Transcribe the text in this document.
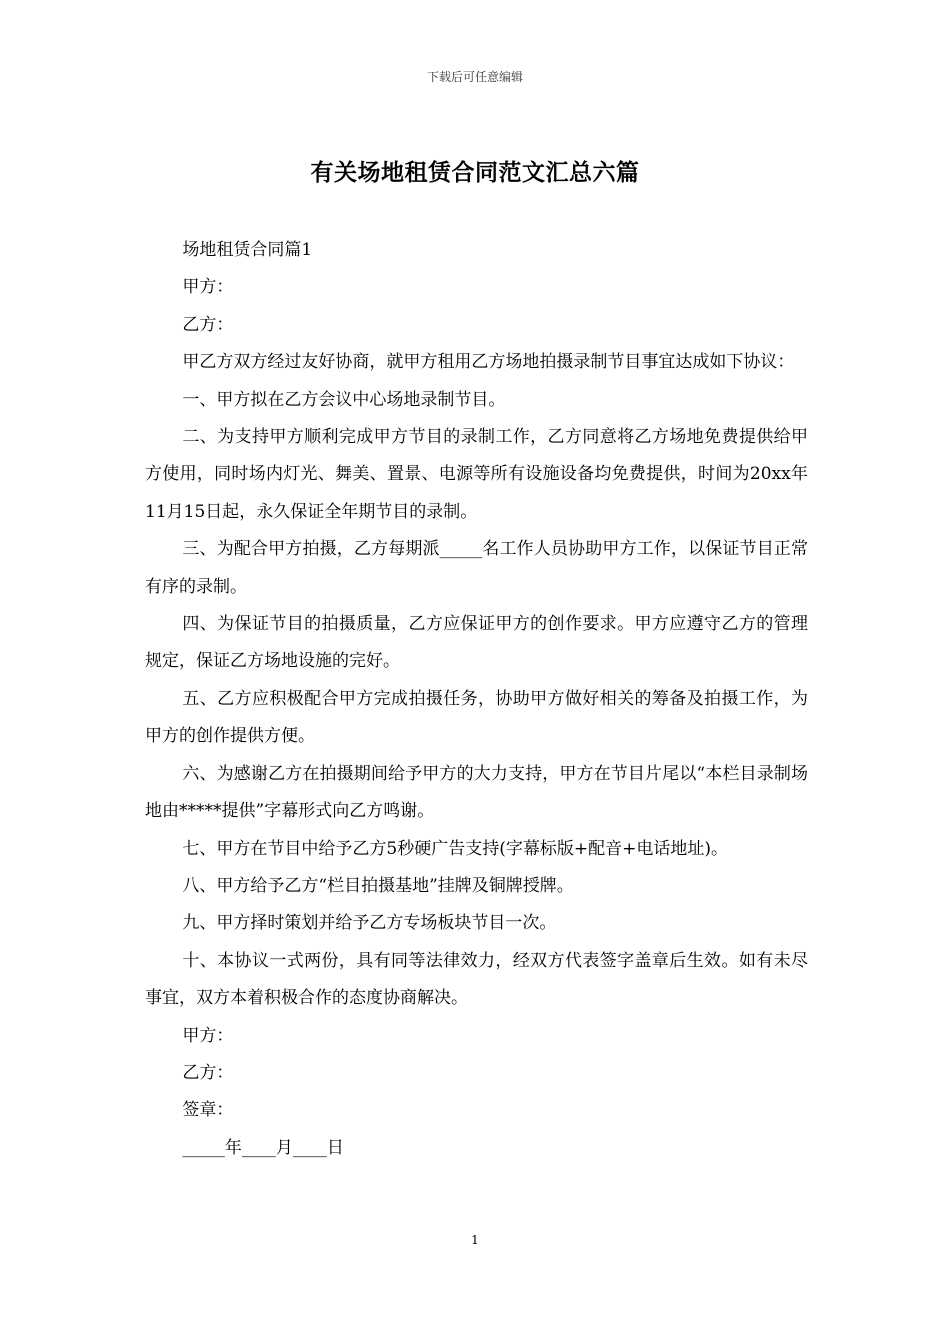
下载后可任意编辑
有关场地租赁合同范文汇总六篇

场地租赁合同篇1

甲方：

乙方：

甲乙方双方经过友好协商，就甲方租用乙方场地拍摄录制节目事宜达成如下协议：

一、甲方拟在乙方会议中心场地录制节目。

二、为支持甲方顺利完成甲方节目的录制工作，乙方同意将乙方场地免费提供给甲方使用，同时场内灯光、舞美、置景、电源等所有设施设备均免费提供，时间为20xx年11月15日起，永久保证全年期节目的录制。

三、为配合甲方拍摄，乙方每期派_____名工作人员协助甲方工作，以保证节目正常有序的录制。

四、为保证节目的拍摄质量，乙方应保证甲方的创作要求。甲方应遵守乙方的管理规定，保证乙方场地设施的完好。

五、乙方应积极配合甲方完成拍摄任务，协助甲方做好相关的筹备及拍摄工作，为甲方的创作提供方便。

六、为感谢乙方在拍摄期间给予甲方的大力支持，甲方在节目片尾以“本栏目录制场地由*****提供”字幕形式向乙方鸣谢。

七、甲方在节目中给予乙方5秒硬广告支持(字幕标版+配音+电话地址)。

八、甲方给予乙方“栏目拍摄基地”挂牌及铜牌授牌。

九、甲方择时策划并给予乙方专场板块节目一次。

十、本协议一式两份，具有同等法律效力，经双方代表签字盖章后生效。如有未尽事宜，双方本着积极合作的态度协商解决。

甲方：

乙方：

签章：

_____年____月____日

1
